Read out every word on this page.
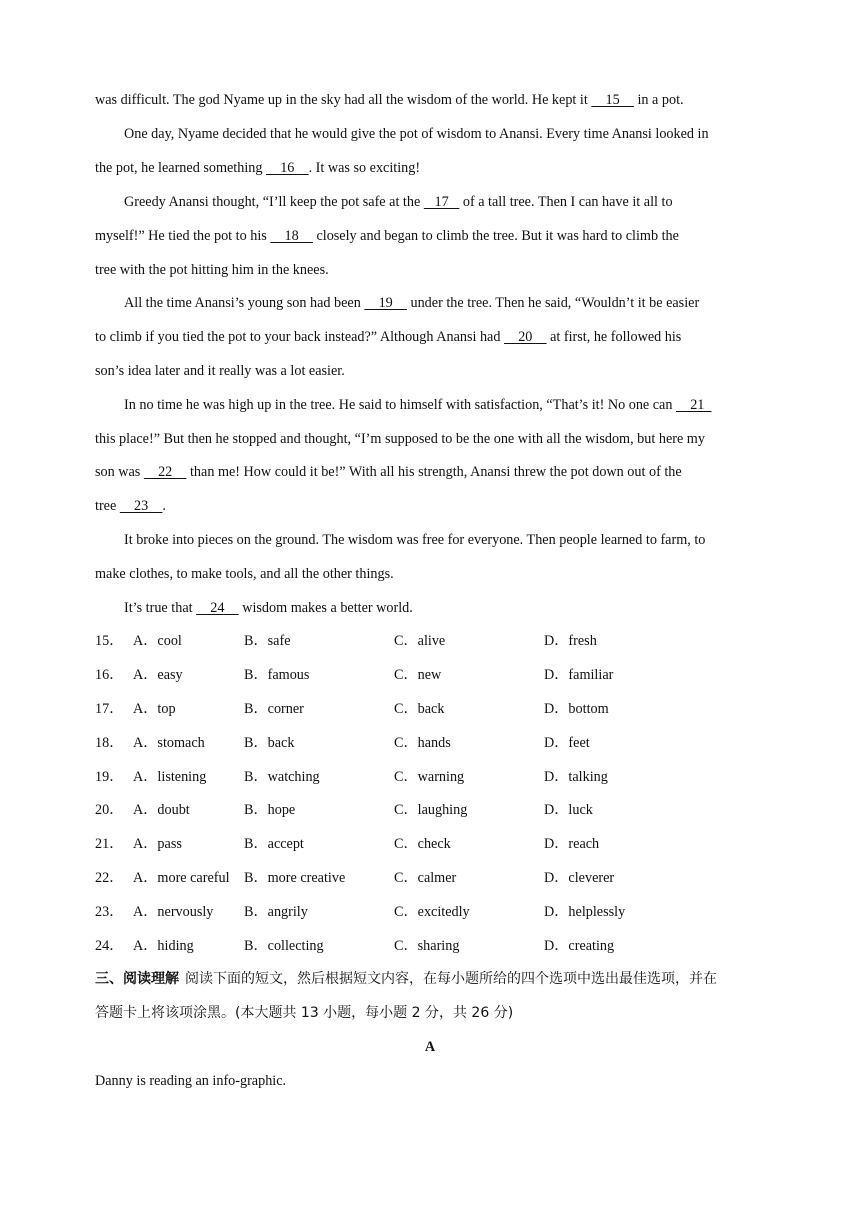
was difficult. The god Nyame up in the sky had all the wisdom of the world. He kept it     15     in a pot.
One day, Nyame decided that he would give the pot of wisdom to Anansi. Every time Anansi looked in
the pot, he learned something     16    . It was so exciting!
Greedy Anansi thought, “I’ll keep the pot safe at the    17    of a tall tree. Then I can have it all to
myself!” He tied the pot to his     18     closely and began to climb the tree. But it was hard to climb the
tree with the pot hitting him in the knees.
All the time Anansi’s young son had been     19     under the tree. Then he said, “Wouldn’t it be easier
to climb if you tied the pot to your back instead?” Although Anansi had     20     at first, he followed his
son’s idea later and it really was a lot easier.
In no time he was high up in the tree. He said to himself with satisfaction, “That’s it! No one can     21
this place!” But then he stopped and thought, “I’m supposed to be the one with all the wisdom, but here my
son was     22     than me! How could it be!” With all his strength, Anansi threw the pot down out of the
tree     23    .
It broke into pieces on the ground. The wisdom was free for everyone. Then people learned to farm, to
make clothes, to make tools, and all the other things.
It’s true that     24     wisdom makes a better world.
15． A．cool	B．safe	C．alive	D．fresh
16． A．easy	B．famous	C．new	D．familiar
17． A．top	B．corner	C．back	D．bottom
18． A．stomach	B．back	C．hands	D．feet
19． A．listening	B．watching	C．warning	D．talking
20． A．doubt	B．hope	C．laughing	D．luck
21． A．pass	B．accept	C．check	D．reach
22． A．more careful B．more creative	C．calmer	D．cleverer
23． A．nervously B．angrily	C．excitedly	D．helplessly
24． A．hiding	B．collecting	C．sharing	D．creating
三、阅读理解 阅读下面的短文，然后根据短文内容，在每小题所给的四个选项中选出最佳选项，并在
答题卡上将该项涂黑。(本大题共 13 小题，每小题 2 分，共 26 分)
A
Danny is reading an info-graphic.
